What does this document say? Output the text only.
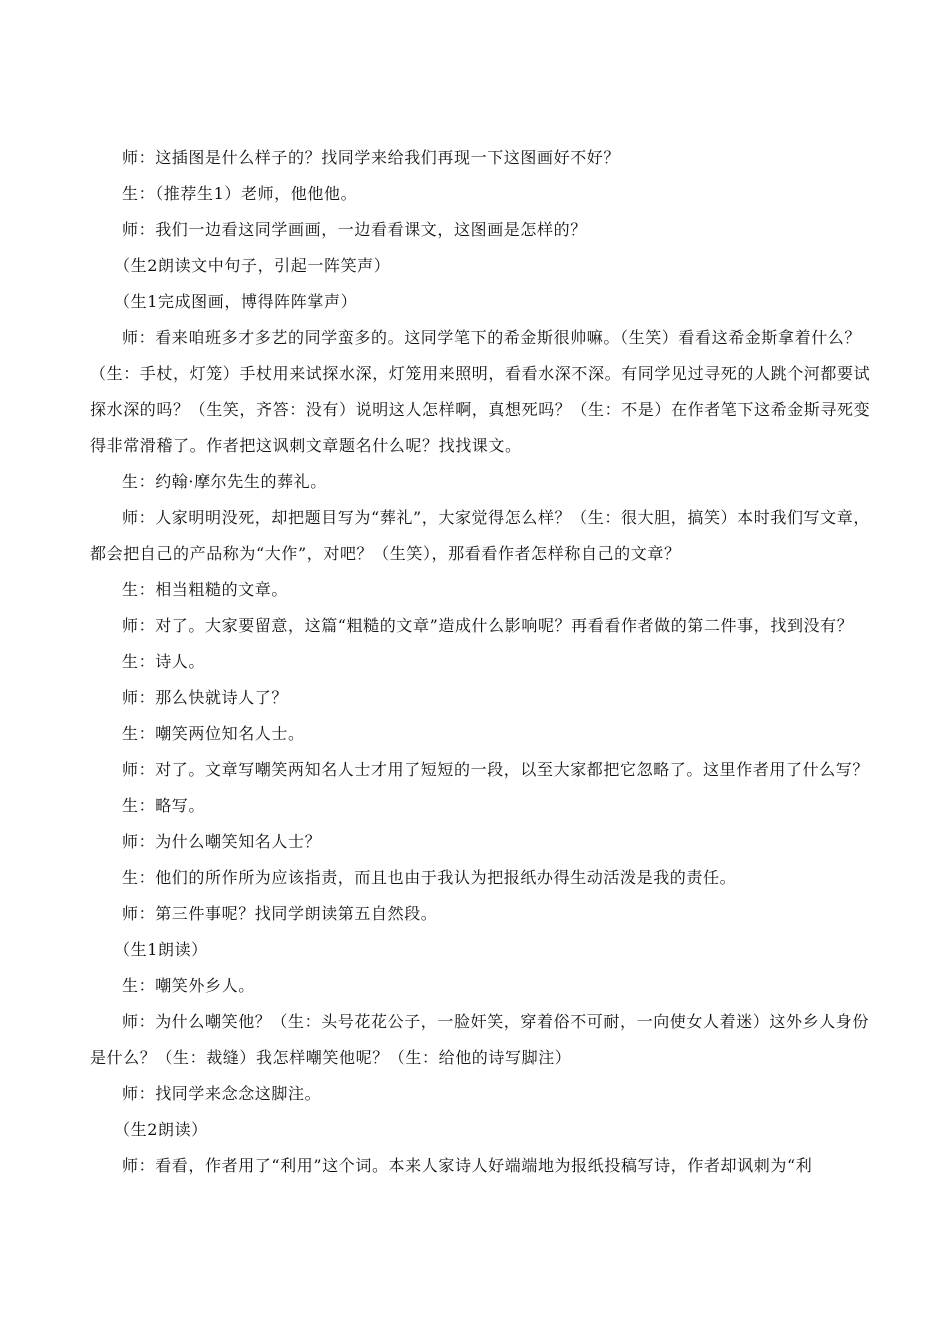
师：这插图是什么样子的？找同学来给我们再现一下这图画好不好？

生：（推荐生1）老师，他他他。

师：我们一边看这同学画画，一边看看课文，这图画是怎样的？

（生2朗读文中句子，引起一阵笑声）

（生1完成图画，博得阵阵掌声）

师：看来咱班多才多艺的同学蛮多的。这同学笔下的希金斯很帅嘛。（生笑）看看这希金斯拿着什么？（生：手杖，灯笼）手杖用来试探水深，灯笼用来照明，看看水深不深。有同学见过寻死的人跳个河都要试探水深的吗？（生笑，齐答：没有）说明这人怎样啊，真想死吗？（生：不是）在作者笔下这希金斯寻死变得非常滑稽了。作者把这讽刺文章题名什么呢？找找课文。

生：约翰·摩尔先生的葬礼。

师：人家明明没死，却把题目写为“葬礼”，大家觉得怎么样？（生：很大胆，搞笑）本时我们写文章，都会把自己的产品称为“大作”，对吧？（生笑），那看看作者怎样称自己的文章？

生：相当粗糙的文章。

师：对了。大家要留意，这篇“粗糙的文章”造成什么影响呢？再看看作者做的第二件事，找到没有？

生：诗人。

师：那么快就诗人了？

生：嘲笑两位知名人士。

师：对了。文章写嘲笑两知名人士才用了短短的一段，以至大家都把它忽略了。这里作者用了什么写？

生：略写。

师：为什么嘲笑知名人士？

生：他们的所作所为应该指责，而且也由于我认为把报纸办得生动活泼是我的责任。

师：第三件事呢？找同学朗读第五自然段。

（生1朗读）

生：嘲笑外乡人。

师：为什么嘲笑他？（生：头号花花公子，一脸奸笑，穿着俗不可耐，一向使女人着迷）这外乡人身份是什么？（生：裁缝）我怎样嘲笑他呢？（生：给他的诗写脚注）

师：找同学来念念这脚注。

（生2朗读）

师：看看，作者用了“利用”这个词。本来人家诗人好端端地为报纸投稿写诗，作者却讽刺为“利
